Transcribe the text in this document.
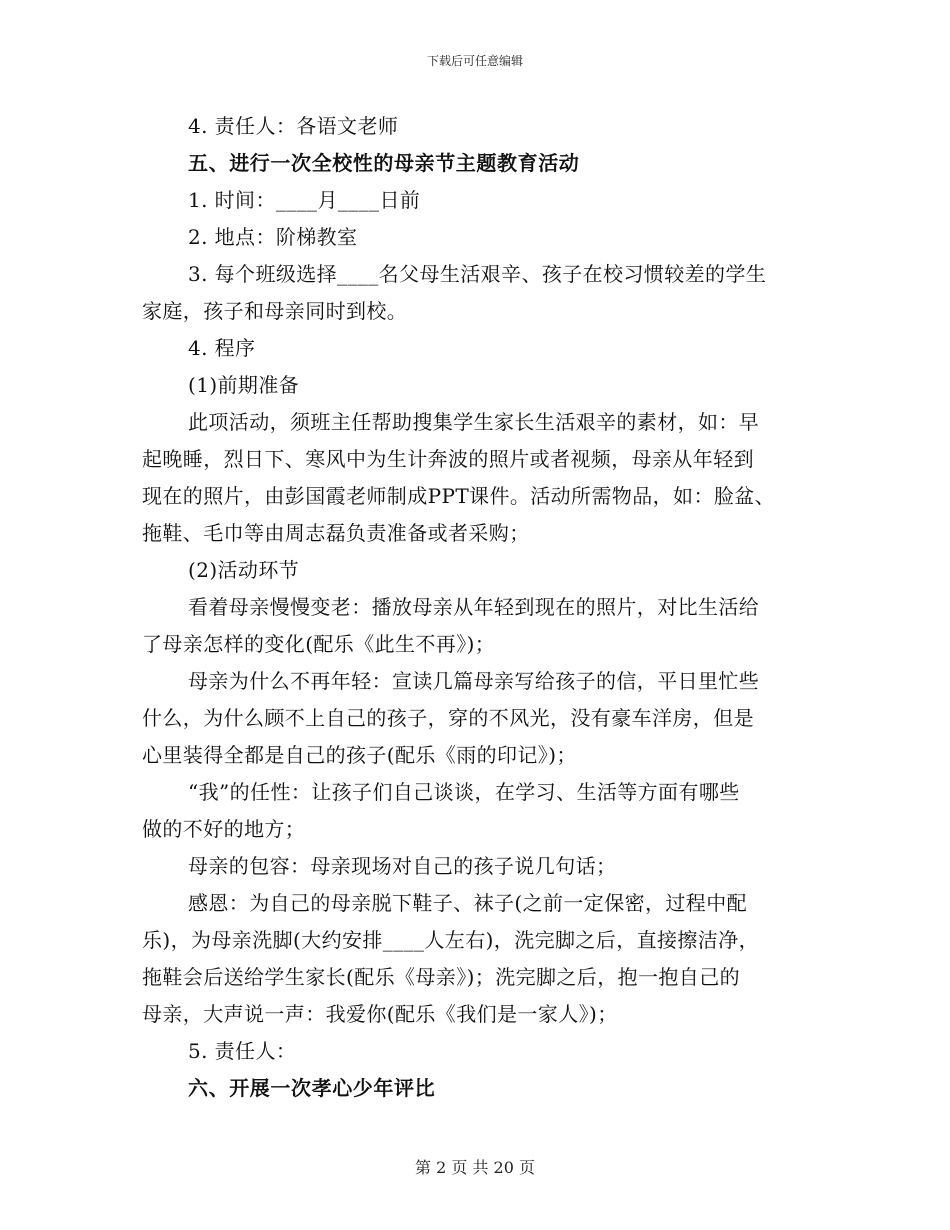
下载后可任意编辑
4. 责任人：各语文老师
五、进行一次全校性的母亲节主题教育活动
1. 时间：____月____日前
2. 地点：阶梯教室
3. 每个班级选择____名父母生活艰辛、孩子在校习惯较差的学生
家庭，孩子和母亲同时到校。
4. 程序
(1)前期准备
此项活动，须班主任帮助搜集学生家长生活艰辛的素材，如：早
起晚睡，烈日下、寒风中为生计奔波的照片或者视频，母亲从年轻到
现在的照片，由彭国霞老师制成PPT课件。活动所需物品，如：脸盆、
拖鞋、毛巾等由周志磊负责准备或者采购；
(2)活动环节
看着母亲慢慢变老：播放母亲从年轻到现在的照片，对比生活给
了母亲怎样的变化(配乐《此生不再》)；
母亲为什么不再年轻：宣读几篇母亲写给孩子的信，平日里忙些
什么，为什么顾不上自己的孩子，穿的不风光，没有豪车洋房，但是
心里装得全都是自己的孩子(配乐《雨的印记》)；
“我”的任性：让孩子们自己谈谈，在学习、生活等方面有哪些
做的不好的地方；
母亲的包容：母亲现场对自己的孩子说几句话；
感恩：为自己的母亲脱下鞋子、袜子(之前一定保密，过程中配
乐)，为母亲洗脚(大约安排____人左右)，洗完脚之后，直接擦洁净，
拖鞋会后送给学生家长(配乐《母亲》)；洗完脚之后，抱一抱自己的
母亲，大声说一声：我爱你(配乐《我们是一家人》)；
5. 责任人：
六、开展一次孝心少年评比
第 2 页 共 20 页
